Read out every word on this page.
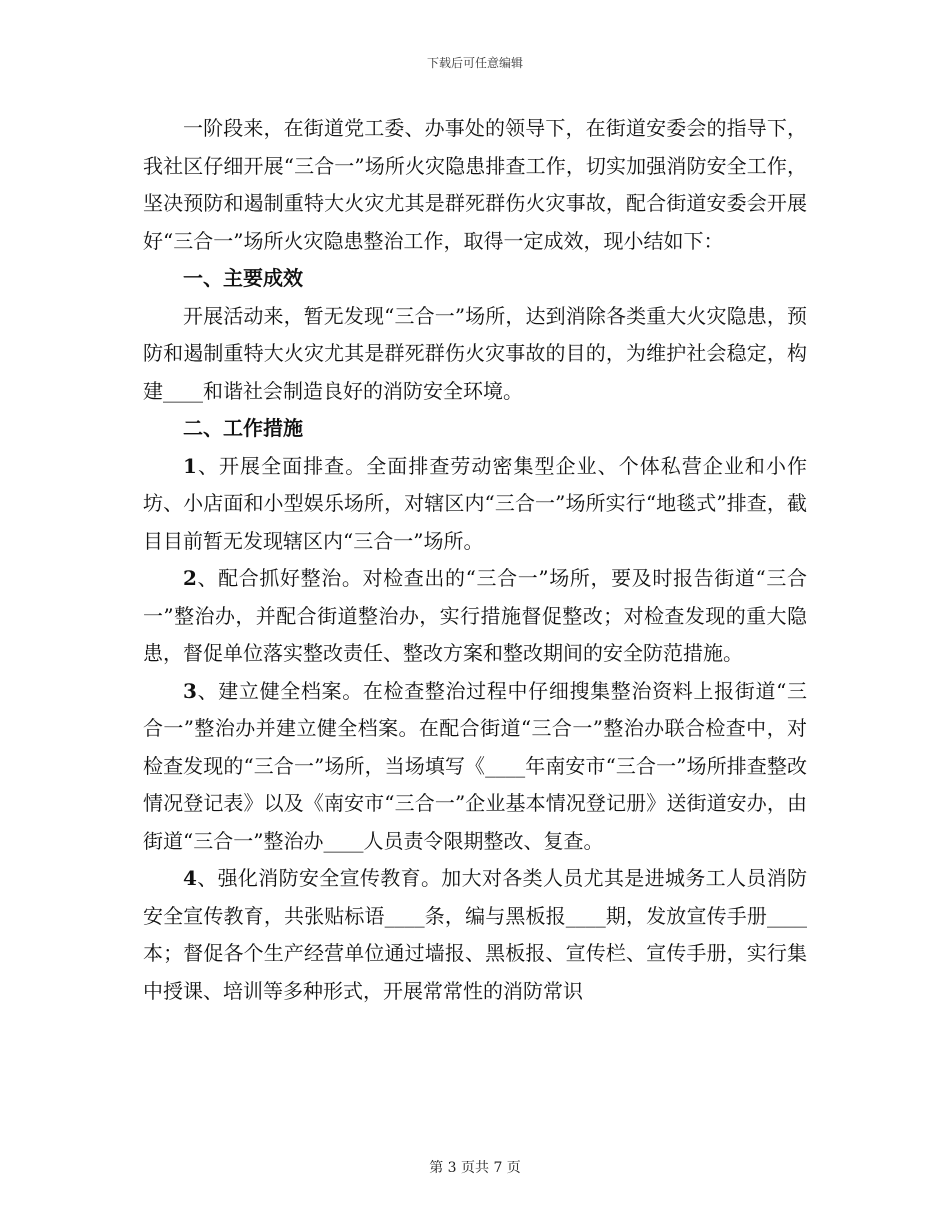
下载后可任意编辑

一阶段来，在街道党工委、办事处的领导下，在街道安委会的指导下，我社区仔细开展“三合一”场所火灾隐患排查工作，切实加强消防安全工作，坚决预防和遏制重特大火灾尤其是群死群伤火灾事故，配合街道安委会开展好“三合一”场所火灾隐患整治工作，取得一定成效，现小结如下：

一、主要成效

开展活动来，暂无发现“三合一”场所，达到消除各类重大火灾隐患，预防和遏制重特大火灾尤其是群死群伤火灾事故的目的，为维护社会稳定，构建____和谐社会制造良好的消防安全环境。

二、工作措施

1、开展全面排查。全面排查劳动密集型企业、个体私营企业和小作坊、小店面和小型娱乐场所，对辖区内“三合一”场所实行“地毯式”排查，截目目前暂无发现辖区内“三合一”场所。

2、配合抓好整治。对检查出的“三合一”场所，要及时报告街道“三合一”整治办，并配合街道整治办，实行措施督促整改；对检查发现的重大隐患，督促单位落实整改责任、整改方案和整改期间的安全防范措施。

3、建立健全档案。在检查整治过程中仔细搜集整治资料上报街道“三合一”整治办并建立健全档案。在配合街道“三合一”整治办联合检查中，对检查发现的“三合一”场所，当场填写《____年南安市“三合一”场所排查整改情况登记表》以及《南安市“三合一”企业基本情况登记册》送街道安办，由街道“三合一”整治办____人员责令限期整改、复查。

4、强化消防安全宣传教育。加大对各类人员尤其是进城务工人员消防安全宣传教育，共张贴标语____条，编与黑板报____期，发放宣传手册____本；督促各个生产经营单位通过墙报、黑板报、宣传栏、宣传手册，实行集中授课、培训等多种形式，开展常常性的消防常识

第 3 页共 7 页
